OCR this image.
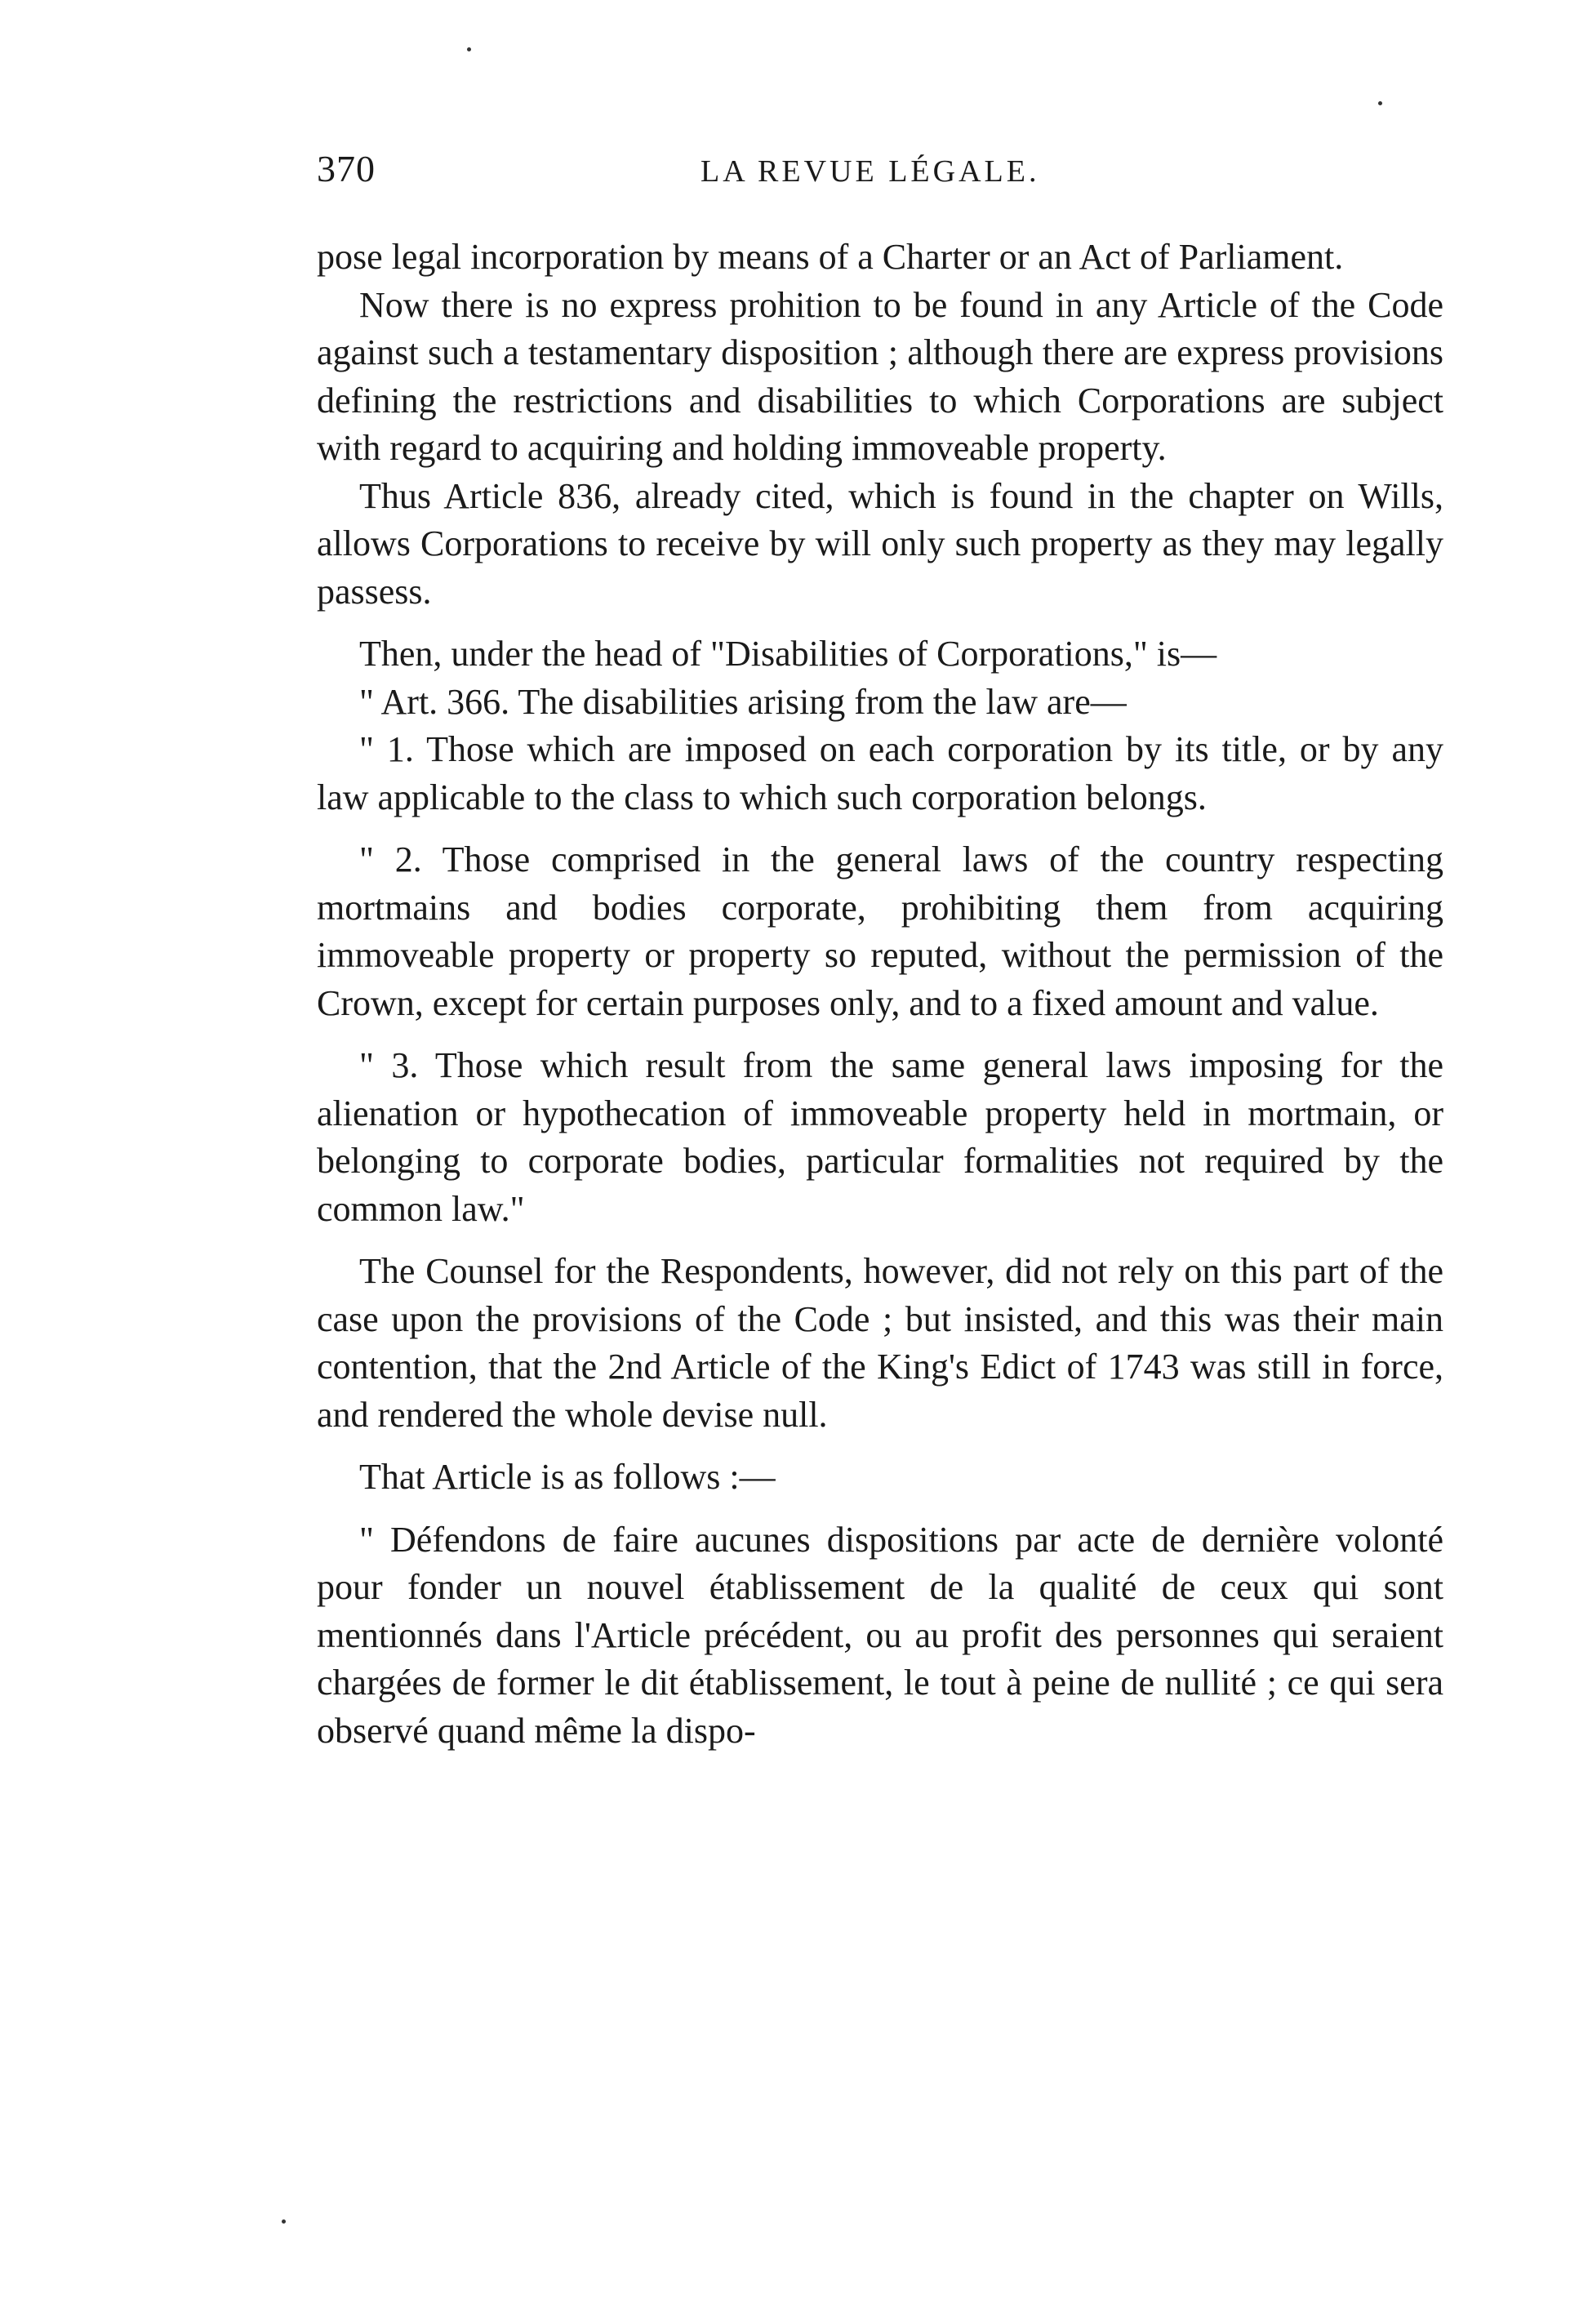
370	LA REVUE LÉGALE.

pose legal incorporation by means of a Charter or an Act of Parliament.

Now there is no express prohition to be found in any Article of the Code against such a testamentary disposition ; although there are express provisions defining the restrictions and disabilities to which Corporations are subject with regard to acquiring and holding immoveable property.

Thus Article 836, already cited, which is found in the chapter on Wills, allows Corporations to receive by will only such property as they may legally passess.

Then, under the head of "Disabilities of Corporations," is—

" Art. 366. The disabilities arising from the law are—

" 1. Those which are imposed on each corporation by its title, or by any law applicable to the class to which such corporation belongs.

" 2. Those comprised in the general laws of the country respecting mortmains and bodies corporate, prohibiting them from acquiring immoveable property or property so reputed, without the permission of the Crown, except for certain purposes only, and to a fixed amount and value.

" 3. Those which result from the same general laws imposing for the alienation or hypothecation of immoveable property held in mortmain, or belonging to corporate bodies, particular formalities not required by the common law."

The Counsel for the Respondents, however, did not rely on this part of the case upon the provisions of the Code ; but insisted, and this was their main contention, that the 2nd Article of the King's Edict of 1743 was still in force, and rendered the whole devise null.

That Article is as follows :—

" Défendons de faire aucunes dispositions par acte de dernière volonté pour fonder un nouvel établissement de la qualité de ceux qui sont mentionnés dans l'Article précédent, ou au profit des personnes qui seraient chargées de former le dit établissement, le tout à peine de nullité ; ce qui sera observé quand même la dispo-
